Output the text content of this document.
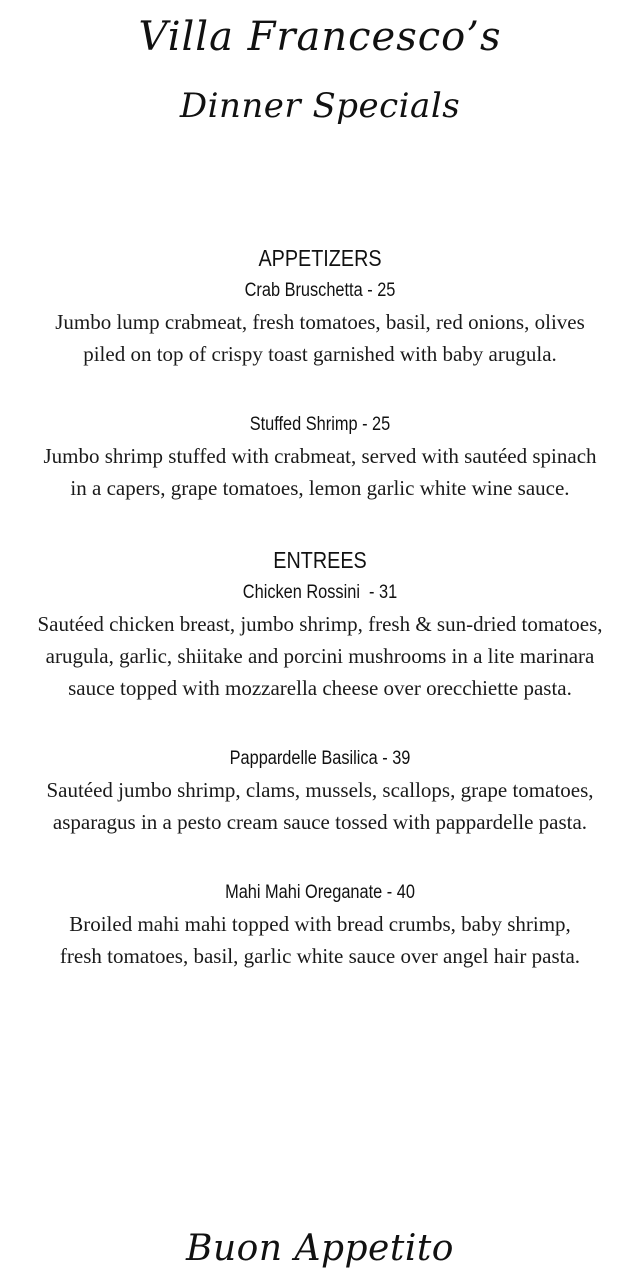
Villa Francesco’s
Dinner Specials
APPETIZERS
Crab Bruschetta - 25
Jumbo lump crabmeat, fresh tomatoes, basil, red onions, olives piled on top of crispy toast garnished with baby arugula.
Stuffed Shrimp - 25
Jumbo shrimp stuffed with crabmeat, served with sautéed spinach in a capers, grape tomatoes, lemon garlic white wine sauce.
ENTREES
Chicken Rossini  - 31
Sautéed chicken breast, jumbo shrimp, fresh & sun-dried tomatoes, arugula, garlic, shiitake and porcini mushrooms in a lite marinara sauce topped with mozzarella cheese over orecchiette pasta.
Pappardelle Basilica - 39
Sautéed jumbo shrimp, clams, mussels, scallops, grape tomatoes, asparagus in a pesto cream sauce tossed with pappardelle pasta.
Mahi Mahi Oreganate - 40
Broiled mahi mahi topped with bread crumbs, baby shrimp, fresh tomatoes, basil, garlic white sauce over angel hair pasta.
Buon Appetito
